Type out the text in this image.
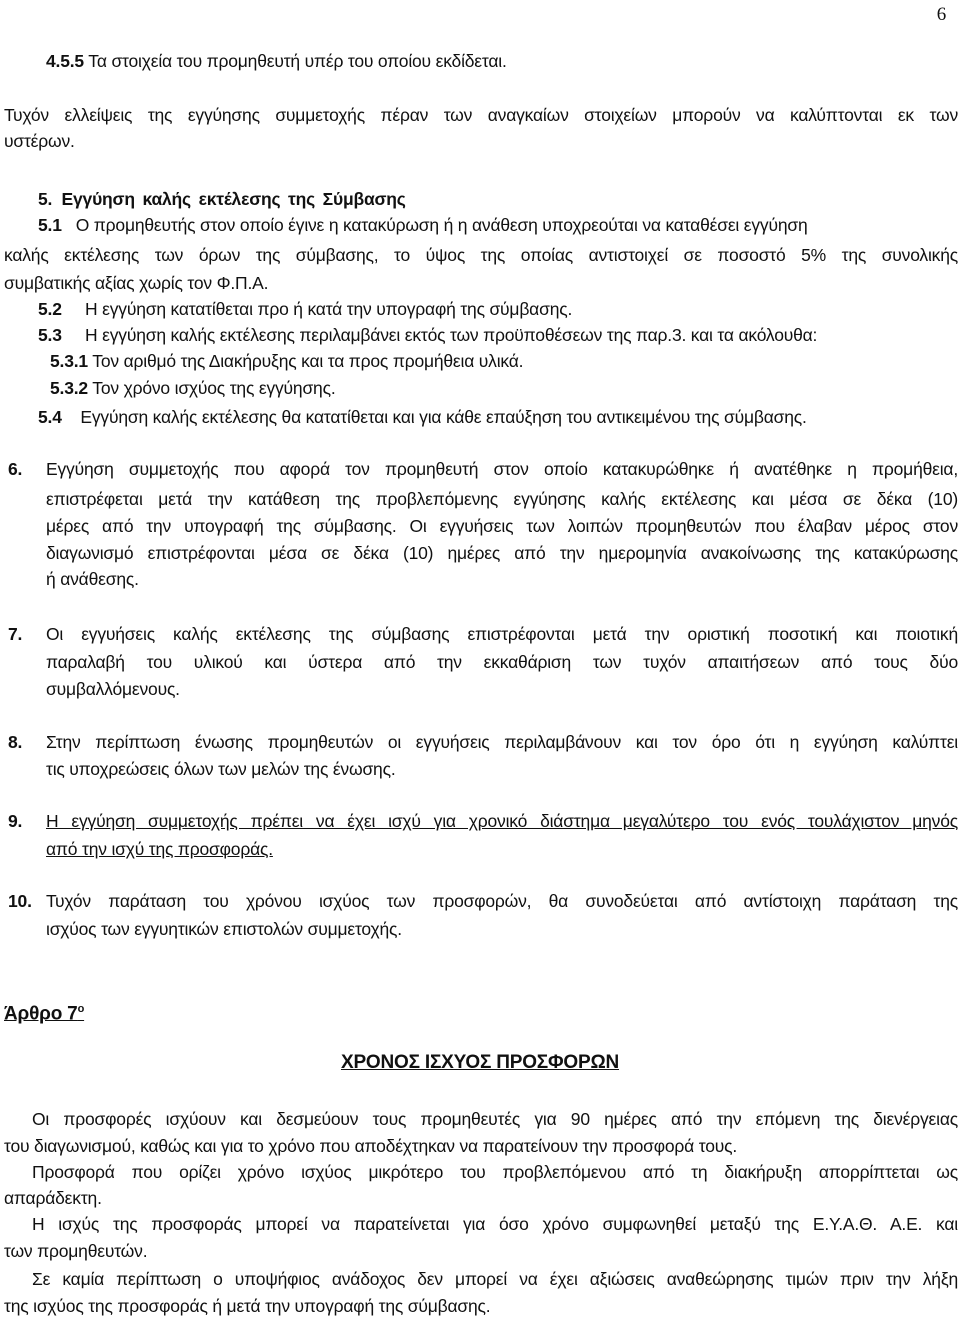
6
4.5.5 Τα στοιχεία του προμηθευτή υπέρ του οποίου εκδίδεται.
Τυχόν ελλείψεις της εγγύησης συμμετοχής πέραν των αναγκαίων στοιχείων μπορούν να καλύπτονται εκ των
υστέρων.
5. Εγγύηση καλής εκτέλεσης της Σύμβασης
5.1 Ο προμηθευτής στον οποίο έγινε η κατακύρωση ή η ανάθεση υποχρεούται να καταθέσει εγγύηση
καλής εκτέλεσης των όρων της σύμβασης, το ύψος της οποίας αντιστοιχεί σε ποσοστό 5% της συνολικής
συμβατικής αξίας χωρίς τον Φ.Π.Α.
5.2 Η εγγύηση κατατίθεται προ ή κατά την υπογραφή της σύμβασης.
5.3 Η εγγύηση καλής εκτέλεσης περιλαμβάνει εκτός των προϋποθέσεων της παρ.3. και τα ακόλουθα:
5.3.1 Τον αριθμό της Διακήρυξης και τα προς προμήθεια υλικά.
5.3.2 Τον χρόνο ισχύος της εγγύησης.
5.4 Εγγύηση καλής εκτέλεσης θα κατατίθεται και για κάθε επαύξηση του αντικειμένου της σύμβασης.
6. Εγγύηση συμμετοχής που αφορά τον προμηθευτή στον οποίο κατακυρώθηκε ή ανατέθηκε η προμήθεια,
επιστρέφεται μετά την κατάθεση της προβλεπόμενης εγγύησης καλής εκτέλεσης και μέσα σε δέκα (10)
μέρες από την υπογραφή της σύμβασης. Οι εγγυήσεις των λοιπών προμηθευτών που έλαβαν μέρος στον
διαγωνισμό επιστρέφονται μέσα σε δέκα (10) ημέρες από την ημερομηνία ανακοίνωσης της κατακύρωσης
ή ανάθεσης.
7. Οι εγγυήσεις καλής εκτέλεσης της σύμβασης επιστρέφονται μετά την οριστική ποσοτική και ποιοτική
παραλαβή του υλικού και ύστερα από την εκκαθάριση των τυχόν απαιτήσεων από τους δύο
συμβαλλόμενους.
8. Στην περίπτωση ένωσης προμηθευτών οι εγγυήσεις περιλαμβάνουν και τον όρο ότι η εγγύηση καλύπτει
τις υποχρεώσεις όλων των μελών της ένωσης.
9. Η εγγύηση συμμετοχής πρέπει να έχει ισχύ για χρονικό διάστημα μεγαλύτερο του ενός τουλάχιστον μηνός
από την ισχύ της προσφοράς.
10. Τυχόν παράταση του χρόνου ισχύος των προσφορών, θα συνοδεύεται από αντίστοιχη παράταση της
ισχύος των εγγυητικών επιστολών συμμετοχής.
Άρθρο $7^o$
ΧΡΟΝΟΣ ΙΣΧΥΟΣ ΠΡΟΣΦΟΡΩΝ
Οι προσφορές ισχύουν και δεσμεύουν τους προμηθευτές για 90 ημέρες από την επόμενη της διενέργειας
του διαγωνισμού, καθώς και για το χρόνο που αποδέχτηκαν να παρατείνουν την προσφορά τους.
Προσφορά που ορίζει χρόνο ισχύος μικρότερο του προβλεπόμενου από τη διακήρυξη απορρίπτεται ως
απαράδεκτη.
Η ισχύς της προσφοράς μπορεί να παρατείνεται για όσο χρόνο συμφωνηθεί μεταξύ της Ε.Υ.Α.Θ. Α.Ε. και
των προμηθευτών.
Σε καμία περίπτωση ο υποψήφιος ανάδοχος δεν μπορεί να έχει αξιώσεις αναθεώρησης τιμών πριν την λήξη
της ισχύος της προσφοράς ή μετά την υπογραφή της σύμβασης.
